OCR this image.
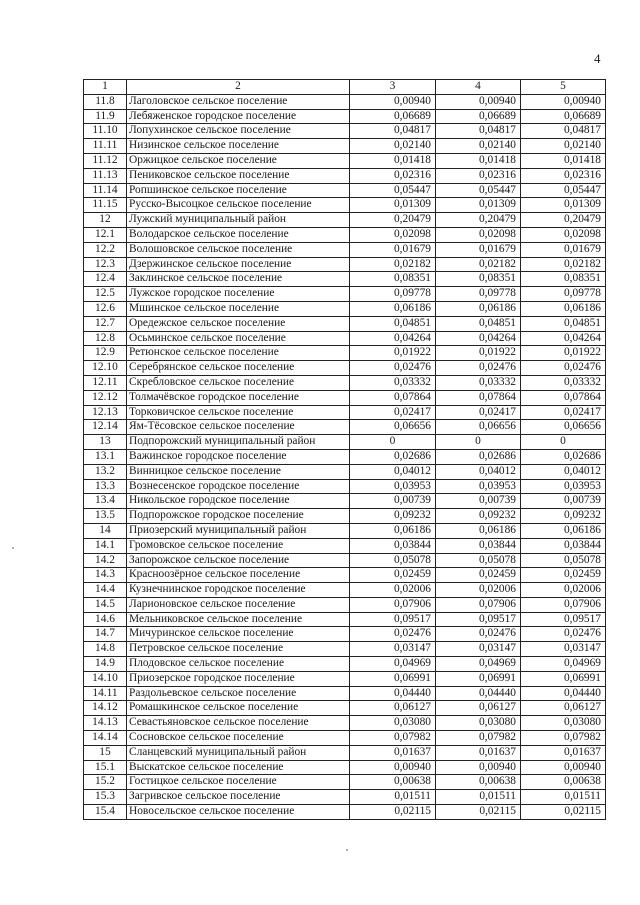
4
1	2	3	4	5
11.8	Лаголовское сельское поселение	0,00940	0,00940	0,00940
11.9	Лебяженское городское поселение	0,06689	0,06689	0,06689
11.10	Лопухинское сельское поселение	0,04817	0,04817	0,04817
11.11	Низинское сельское поселение	0,02140	0,02140	0,02140
11.12	Оржицкое сельское поселение	0,01418	0,01418	0,01418
11.13	Пениковское сельское поселение	0,02316	0,02316	0,02316
11.14	Ропшинское сельское поселение	0,05447	0,05447	0,05447
11.15	Русско-Высоцкое сельское поселение	0,01309	0,01309	0,01309
12	Лужский муниципальный район	0,20479	0,20479	0,20479
12.1	Володарское сельское поселение	0,02098	0,02098	0,02098
12.2	Волошовское сельское поселение	0,01679	0,01679	0,01679
12.3	Дзержинское сельское поселение	0,02182	0,02182	0,02182
12.4	Заклинское сельское поселение	0,08351	0,08351	0,08351
12.5	Лужское городское поселение	0,09778	0,09778	0,09778
12.6	Мшинское сельское поселение	0,06186	0,06186	0,06186
12.7	Оредежское сельское поселение	0,04851	0,04851	0,04851
12.8	Осьминское сельское поселение	0,04264	0,04264	0,04264
12.9	Ретюнское сельское поселение	0,01922	0,01922	0,01922
12.10	Серебрянское сельское поселение	0,02476	0,02476	0,02476
12.11	Скребловское сельское поселение	0,03332	0,03332	0,03332
12.12	Толмачёвское городское поселение	0,07864	0,07864	0,07864
12.13	Торковичское сельское поселение	0,02417	0,02417	0,02417
12.14	Ям-Тёсовское сельское поселение	0,06656	0,06656	0,06656
13	Подпорожский муниципальный район	0	0	0
13.1	Важинское городское поселение	0,02686	0,02686	0,02686
13.2	Винницкое сельское поселение	0,04012	0,04012	0,04012
13.3	Вознесенское городское поселение	0,03953	0,03953	0,03953
13.4	Никольское городское поселение	0,00739	0,00739	0,00739
13.5	Подпорожское городское поселение	0,09232	0,09232	0,09232
14	Приозерский муниципальный район	0,06186	0,06186	0,06186
14.1	Громовское сельское поселение	0,03844	0,03844	0,03844
14.2	Запорожское сельское поселение	0,05078	0,05078	0,05078
14.3	Красноозёрное сельское поселение	0,02459	0,02459	0,02459
14.4	Кузнечнинское городское поселение	0,02006	0,02006	0,02006
14.5	Ларионовское сельское поселение	0,07906	0,07906	0,07906
14.6	Мельниковское сельское поселение	0,09517	0,09517	0,09517
14.7	Мичуринское сельское поселение	0,02476	0,02476	0,02476
14.8	Петровское сельское поселение	0,03147	0,03147	0,03147
14.9	Плодовское сельское поселение	0,04969	0,04969	0,04969
14.10	Приозерское городское поселение	0,06991	0,06991	0,06991
14.11	Раздольевское сельское поселение	0,04440	0,04440	0,04440
14.12	Ромашкинское сельское поселение	0,06127	0,06127	0,06127
14.13	Севастьяновское сельское поселение	0,03080	0,03080	0,03080
14.14	Сосновское сельское поселение	0,07982	0,07982	0,07982
15	Сланцевский муниципальный район	0,01637	0,01637	0,01637
15.1	Выскатское сельское поселение	0,00940	0,00940	0,00940
15.2	Гостицкое сельское поселение	0,00638	0,00638	0,00638
15.3	Загривское сельское поселение	0,01511	0,01511	0,01511
15.4	Новосельское сельское поселение	0,02115	0,02115	0,02115
